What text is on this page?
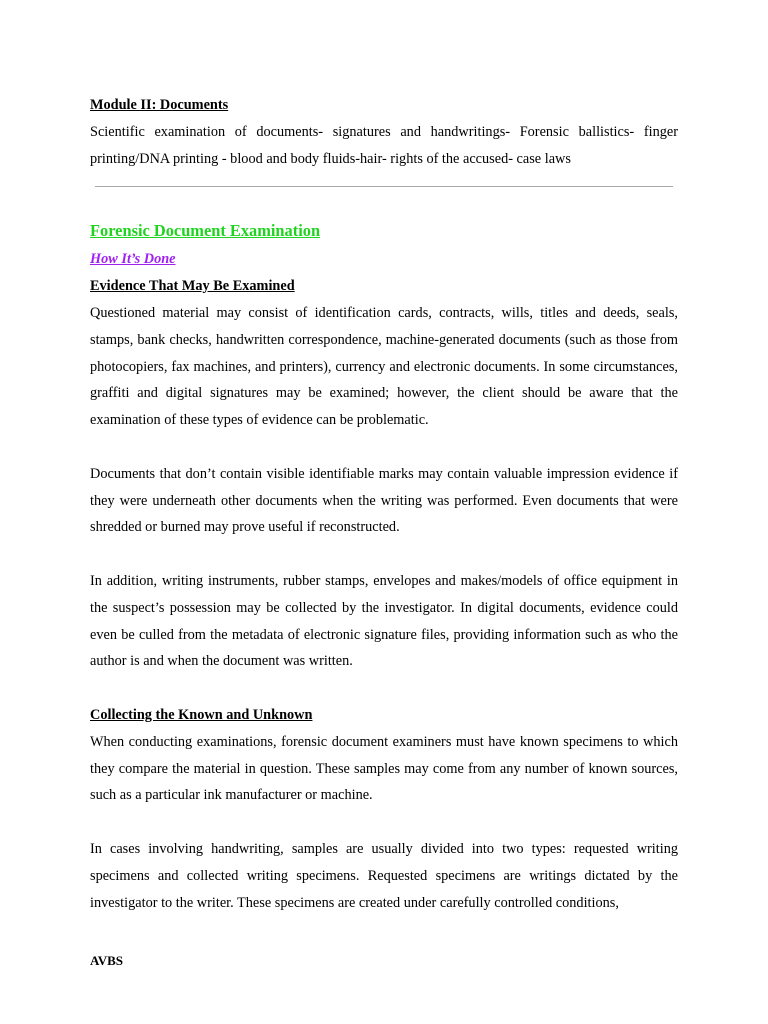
Module II: Documents

Scientific examination of documents- signatures and handwritings- Forensic ballistics- finger printing/DNA printing - blood and body fluids-hair- rights of the accused- case laws

Forensic Document Examination

How It’s Done

Evidence That May Be Examined

Questioned material may consist of identification cards, contracts, wills, titles and deeds, seals, stamps, bank checks, handwritten correspondence, machine-generated documents (such as those from photocopiers, fax machines, and printers), currency and electronic documents. In some circumstances, graffiti and digital signatures may be examined; however, the client should be aware that the examination of these types of evidence can be problematic.

Documents that don’t contain visible identifiable marks may contain valuable impression evidence if they were underneath other documents when the writing was performed. Even documents that were shredded or burned may prove useful if reconstructed.

In addition, writing instruments, rubber stamps, envelopes and makes/models of office equipment in the suspect’s possession may be collected by the investigator. In digital documents, evidence could even be culled from the metadata of electronic signature files, providing information such as who the author is and when the document was written.

Collecting the Known and Unknown

When conducting examinations, forensic document examiners must have known specimens to which they compare the material in question. These samples may come from any number of known sources, such as a particular ink manufacturer or machine.

In cases involving handwriting, samples are usually divided into two types: requested writing specimens and collected writing specimens. Requested specimens are writings dictated by the investigator to the writer. These specimens are created under carefully controlled conditions,

AVBS
